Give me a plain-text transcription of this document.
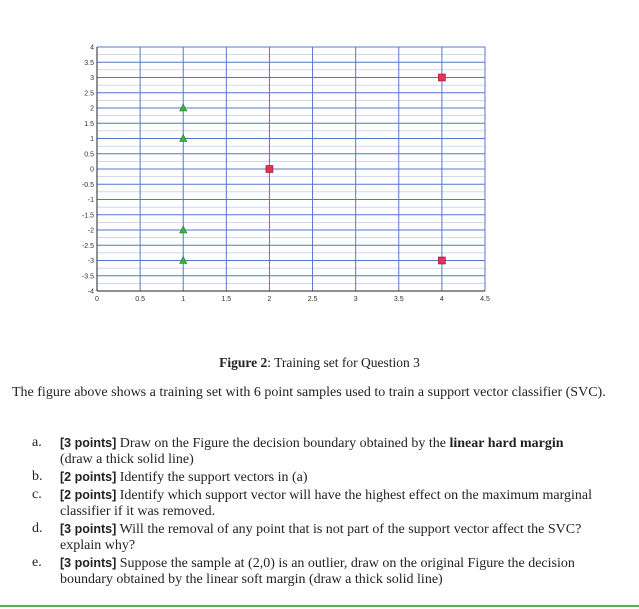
4
3.5
3
2.5
2
1.5
1
0.5
0
-0.5
-1
-1.5
-2
-2.5
-3
-3.5
-4
0	0.5	1	1.5	2	2.5	3	3.5	4	4.5
Figure 2: Training set for Question 3
The figure above shows a training set with 6 point samples used to train a support vector classifier (SVC).
a. [3 points] Draw on the Figure the decision boundary obtained by the linear hard margin (draw a thick solid line)
b. [2 points] Identify the support vectors in (a)
c. [2 points] Identify which support vector will have the highest effect on the maximum marginal classifier if it was removed.
d. [3 points] Will the removal of any point that is not part of the support vector affect the SVC? explain why?
e. [3 points] Suppose the sample at (2,0) is an outlier, draw on the original Figure the decision boundary obtained by the linear soft margin (draw a thick solid line)
